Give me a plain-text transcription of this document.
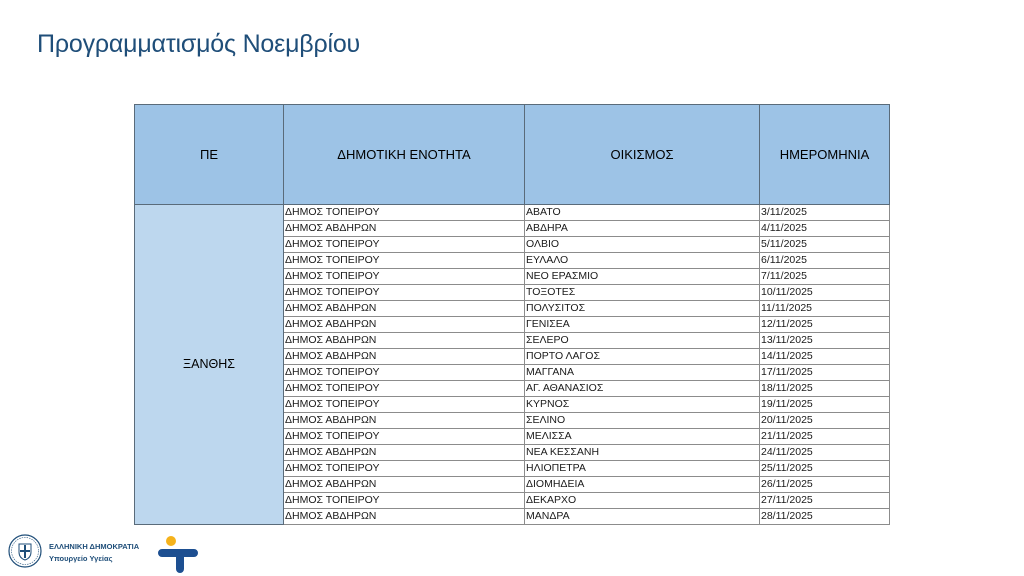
Προγραμματισμός Νοεμβρίου
ΠΕ	ΔΗΜΟΤΙΚΗ ΕΝΟΤΗΤΑ	ΟΙΚΙΣΜΟΣ	ΗΜΕΡΟΜΗΝΙΑ
ΞΑΝΘΗΣ	ΔΗΜΟΣ ΤΟΠΕΙΡΟΥ	ΑΒΑΤΟ	3/11/2025
	ΔΗΜΟΣ ΑΒΔΗΡΩΝ	ΑΒΔΗΡΑ	4/11/2025
	ΔΗΜΟΣ ΤΟΠΕΙΡΟΥ	ΟΛΒΙΟ	5/11/2025
	ΔΗΜΟΣ ΤΟΠΕΙΡΟΥ	ΕΥΛΑΛΟ	6/11/2025
	ΔΗΜΟΣ ΤΟΠΕΙΡΟΥ	ΝΕΟ ΕΡΑΣΜΙΟ	7/11/2025
	ΔΗΜΟΣ ΤΟΠΕΙΡΟΥ	ΤΟΞΟΤΕΣ	10/11/2025
	ΔΗΜΟΣ ΑΒΔΗΡΩΝ	ΠΟΛΥΣΙΤΟΣ	11/11/2025
	ΔΗΜΟΣ ΑΒΔΗΡΩΝ	ΓΕΝΙΣΕΑ	12/11/2025
	ΔΗΜΟΣ ΑΒΔΗΡΩΝ	ΣΕΛΕΡΟ	13/11/2025
	ΔΗΜΟΣ ΑΒΔΗΡΩΝ	ΠΟΡΤΟ ΛΑΓΟΣ	14/11/2025
	ΔΗΜΟΣ ΤΟΠΕΙΡΟΥ	ΜΑΓΓΑΝΑ	17/11/2025
	ΔΗΜΟΣ ΤΟΠΕΙΡΟΥ	ΑΓ. ΑΘΑΝΑΣΙΟΣ	18/11/2025
	ΔΗΜΟΣ ΤΟΠΕΙΡΟΥ	ΚΥΡΝΟΣ	19/11/2025
	ΔΗΜΟΣ ΑΒΔΗΡΩΝ	ΣΕΛΙΝΟ	20/11/2025
	ΔΗΜΟΣ ΤΟΠΕΙΡΟΥ	ΜΕΛΙΣΣΑ	21/11/2025
	ΔΗΜΟΣ ΑΒΔΗΡΩΝ	ΝΕΑ ΚΕΣΣΑΝΗ	24/11/2025
	ΔΗΜΟΣ ΤΟΠΕΙΡΟΥ	ΗΛΙΟΠΕΤΡΑ	25/11/2025
	ΔΗΜΟΣ ΑΒΔΗΡΩΝ	ΔΙΟΜΗΔΕΙΑ	26/11/2025
	ΔΗΜΟΣ ΤΟΠΕΙΡΟΥ	ΔΕΚΑΡΧΟ	27/11/2025
	ΔΗΜΟΣ ΑΒΔΗΡΩΝ	ΜΑΝΔΡΑ	28/11/2025
ΕΛΛΗΝΙΚΗ ΔΗΜΟΚΡΑΤΙΑ
Υπουργείο Υγείας
